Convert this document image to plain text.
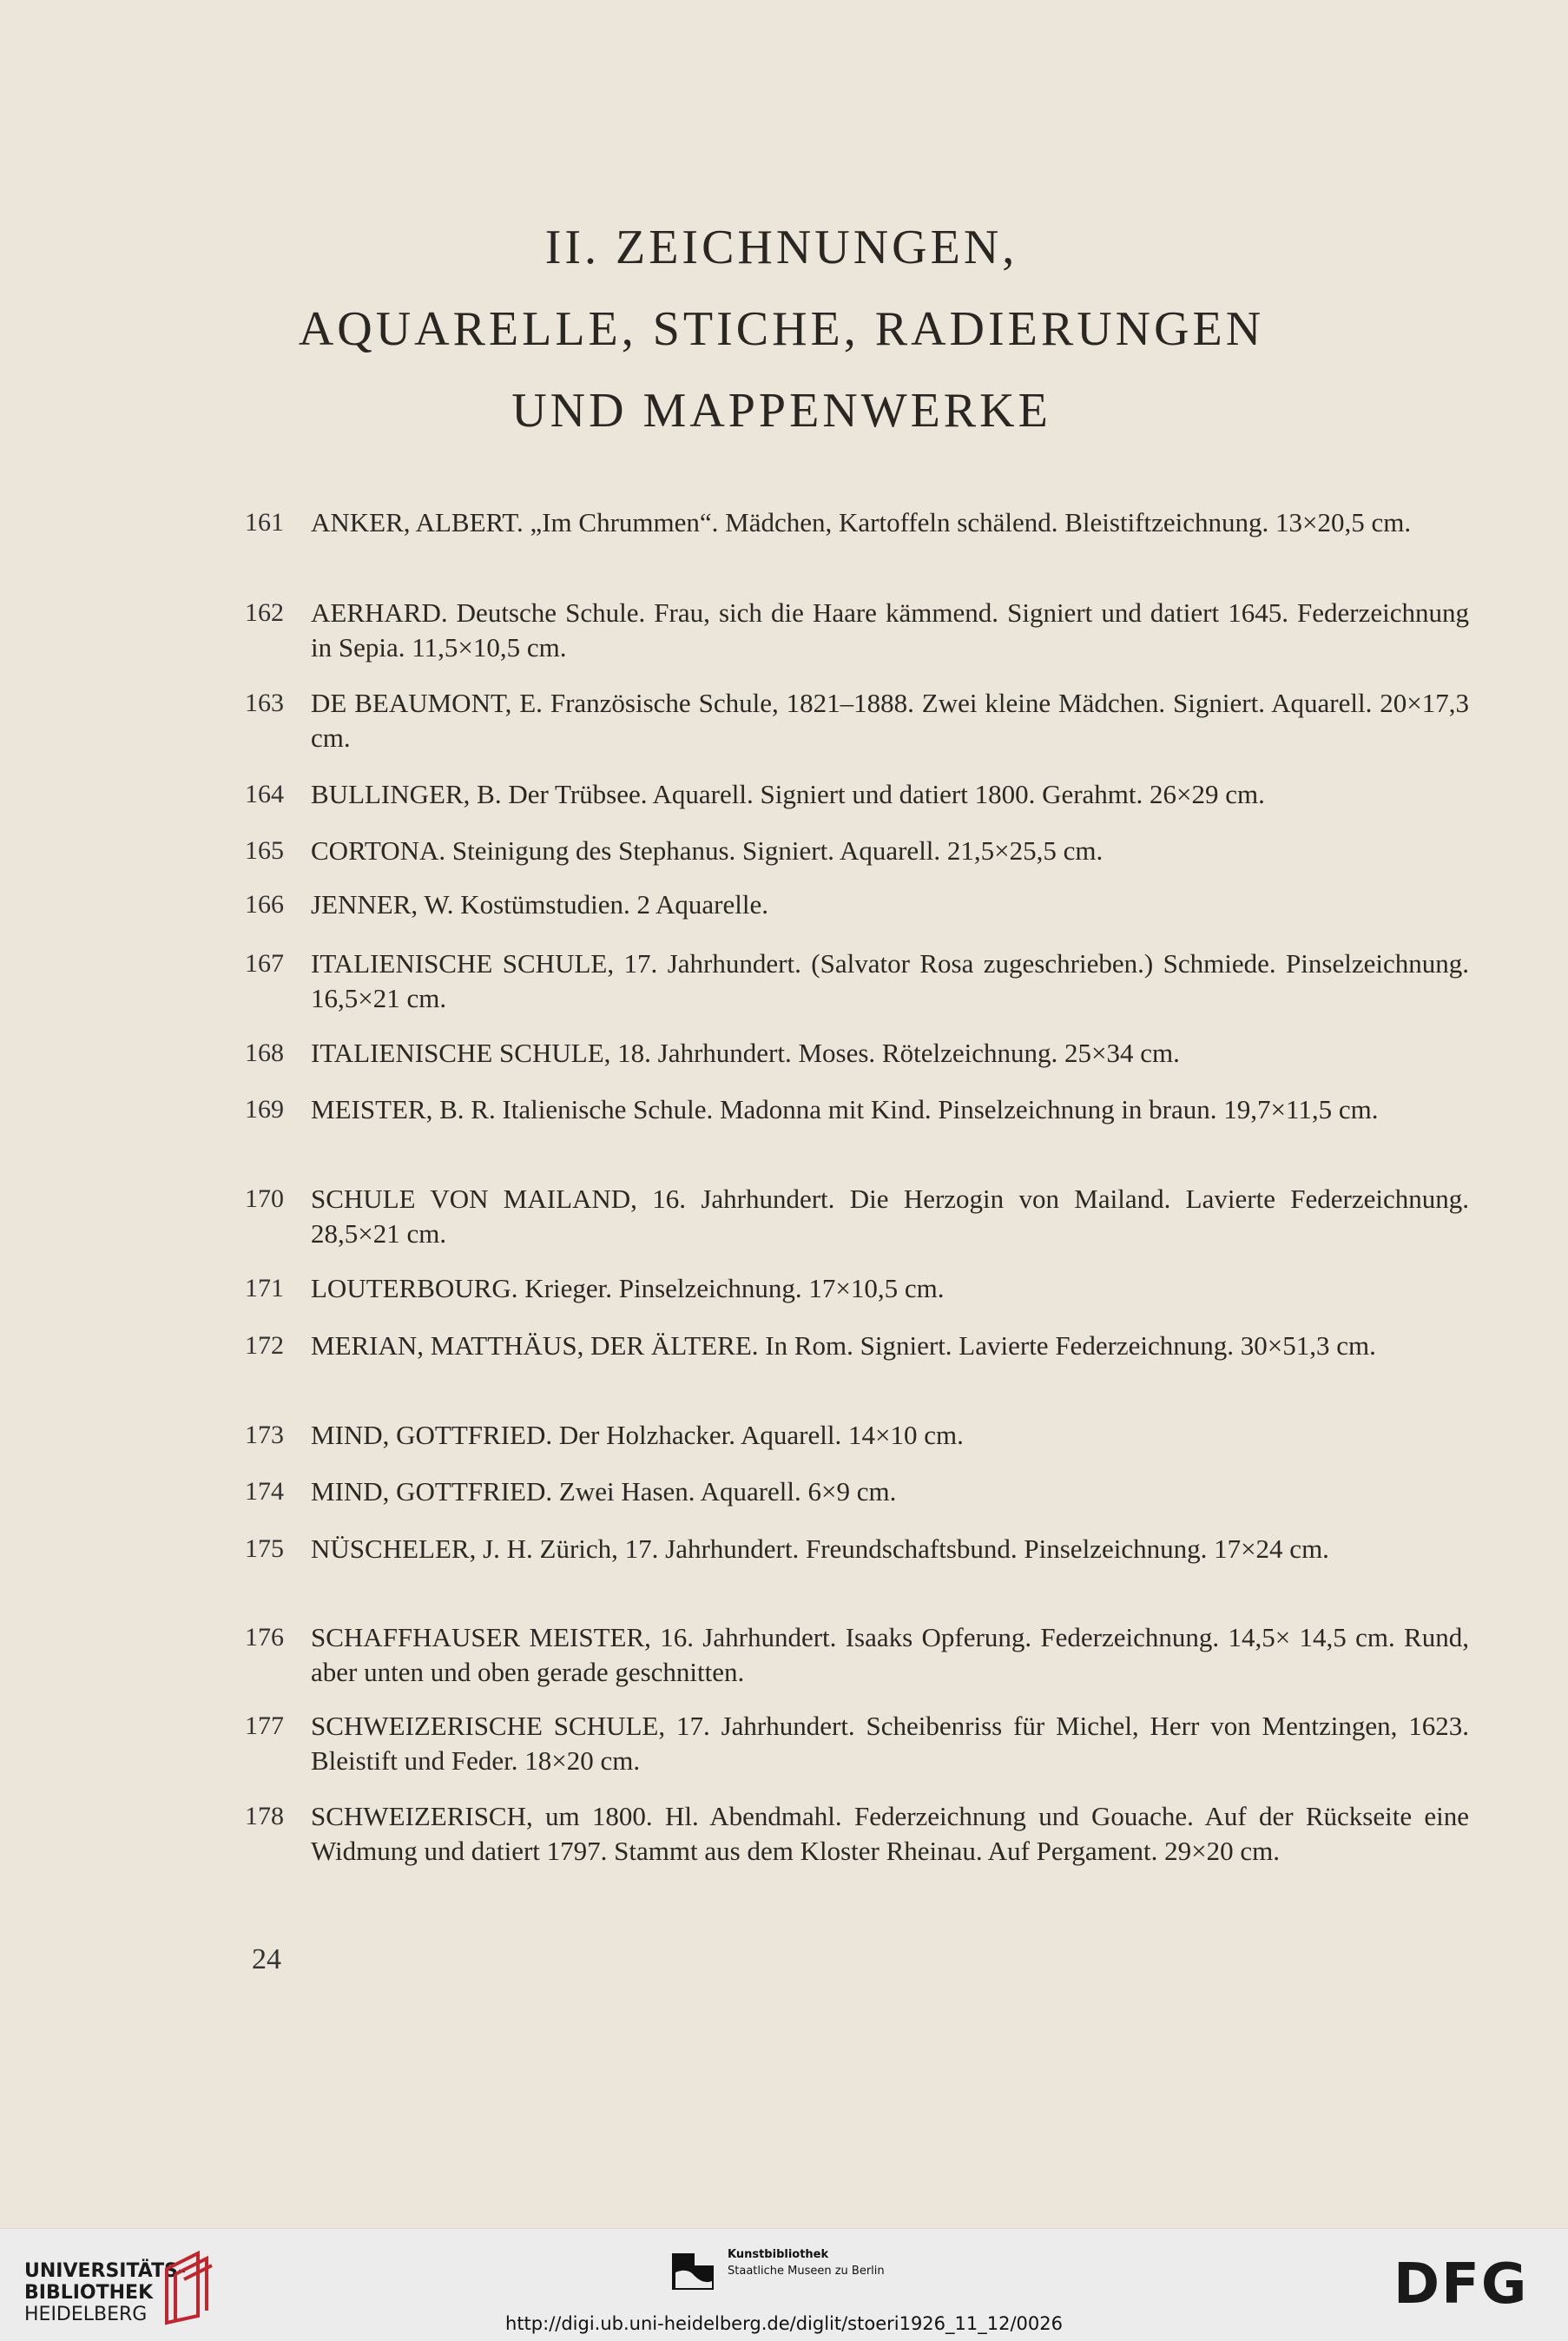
II. ZEICHNUNGEN,
AQUARELLE, STICHE, RADIERUNGEN
UND MAPPENWERKE
161	ANKER, ALBERT. „Im Chrummen“. Mädchen, Kartoffeln schälend. Bleistiftzeichnung. 13×20,5 cm.
162	AERHARD. Deutsche Schule. Frau, sich die Haare kämmend. Signiert und datiert 1645. Federzeichnung in Sepia. 11,5×10,5 cm.
163	DE BEAUMONT, E. Französische Schule, 1821–1888. Zwei kleine Mädchen. Signiert. Aquarell. 20×17,3 cm.
164	BULLINGER, B. Der Trübsee. Aquarell. Signiert und datiert 1800. Gerahmt. 26×29 cm.
165	CORTONA. Steinigung des Stephanus. Signiert. Aquarell. 21,5×25,5 cm.
166	JENNER, W. Kostümstudien. 2 Aquarelle.
167	ITALIENISCHE SCHULE, 17. Jahrhundert. (Salvator Rosa zugeschrieben.) Schmiede. Pinselzeichnung. 16,5×21 cm.
168	ITALIENISCHE SCHULE, 18. Jahrhundert. Moses. Rötelzeichnung. 25×34 cm.
169	MEISTER, B. R. Italienische Schule. Madonna mit Kind. Pinselzeichnung in braun. 19,7×11,5 cm.
170	SCHULE VON MAILAND, 16. Jahrhundert. Die Herzogin von Mailand. Lavierte Federzeichnung. 28,5×21 cm.
171	LOUTERBOURG. Krieger. Pinselzeichnung. 17×10,5 cm.
172	MERIAN, MATTHÄUS, DER ÄLTERE. In Rom. Signiert. Lavierte Federzeichnung. 30×51,3 cm.
173	MIND, GOTTFRIED. Der Holzhacker. Aquarell. 14×10 cm.
174	MIND, GOTTFRIED. Zwei Hasen. Aquarell. 6×9 cm.
175	NÜSCHELER, J. H. Zürich, 17. Jahrhundert. Freundschaftsbund. Pinselzeichnung. 17×24 cm.
176	SCHAFFHAUSER MEISTER, 16. Jahrhundert. Isaaks Opferung. Federzeichnung. 14,5× 14,5 cm. Rund, aber unten und oben gerade geschnitten.
177	SCHWEIZERISCHE SCHULE, 17. Jahrhundert. Scheibenriss für Michel, Herr von Mentzingen, 1623. Bleistift und Feder. 18×20 cm.
178	SCHWEIZERISCH, um 1800. Hl. Abendmahl. Federzeichnung und Gouache. Auf der Rückseite eine Widmung und datiert 1797. Stammt aus dem Kloster Rheinau. Auf Pergament. 29×20 cm.
24
UNIVERSITÄTS-
BIBLIOTHEK
HEIDELBERG
Kunstbibliothek
Staatliche Museen zu Berlin	DFG
http://digi.ub.uni-heidelberg.de/diglit/stoeri1926_11_12/0026
